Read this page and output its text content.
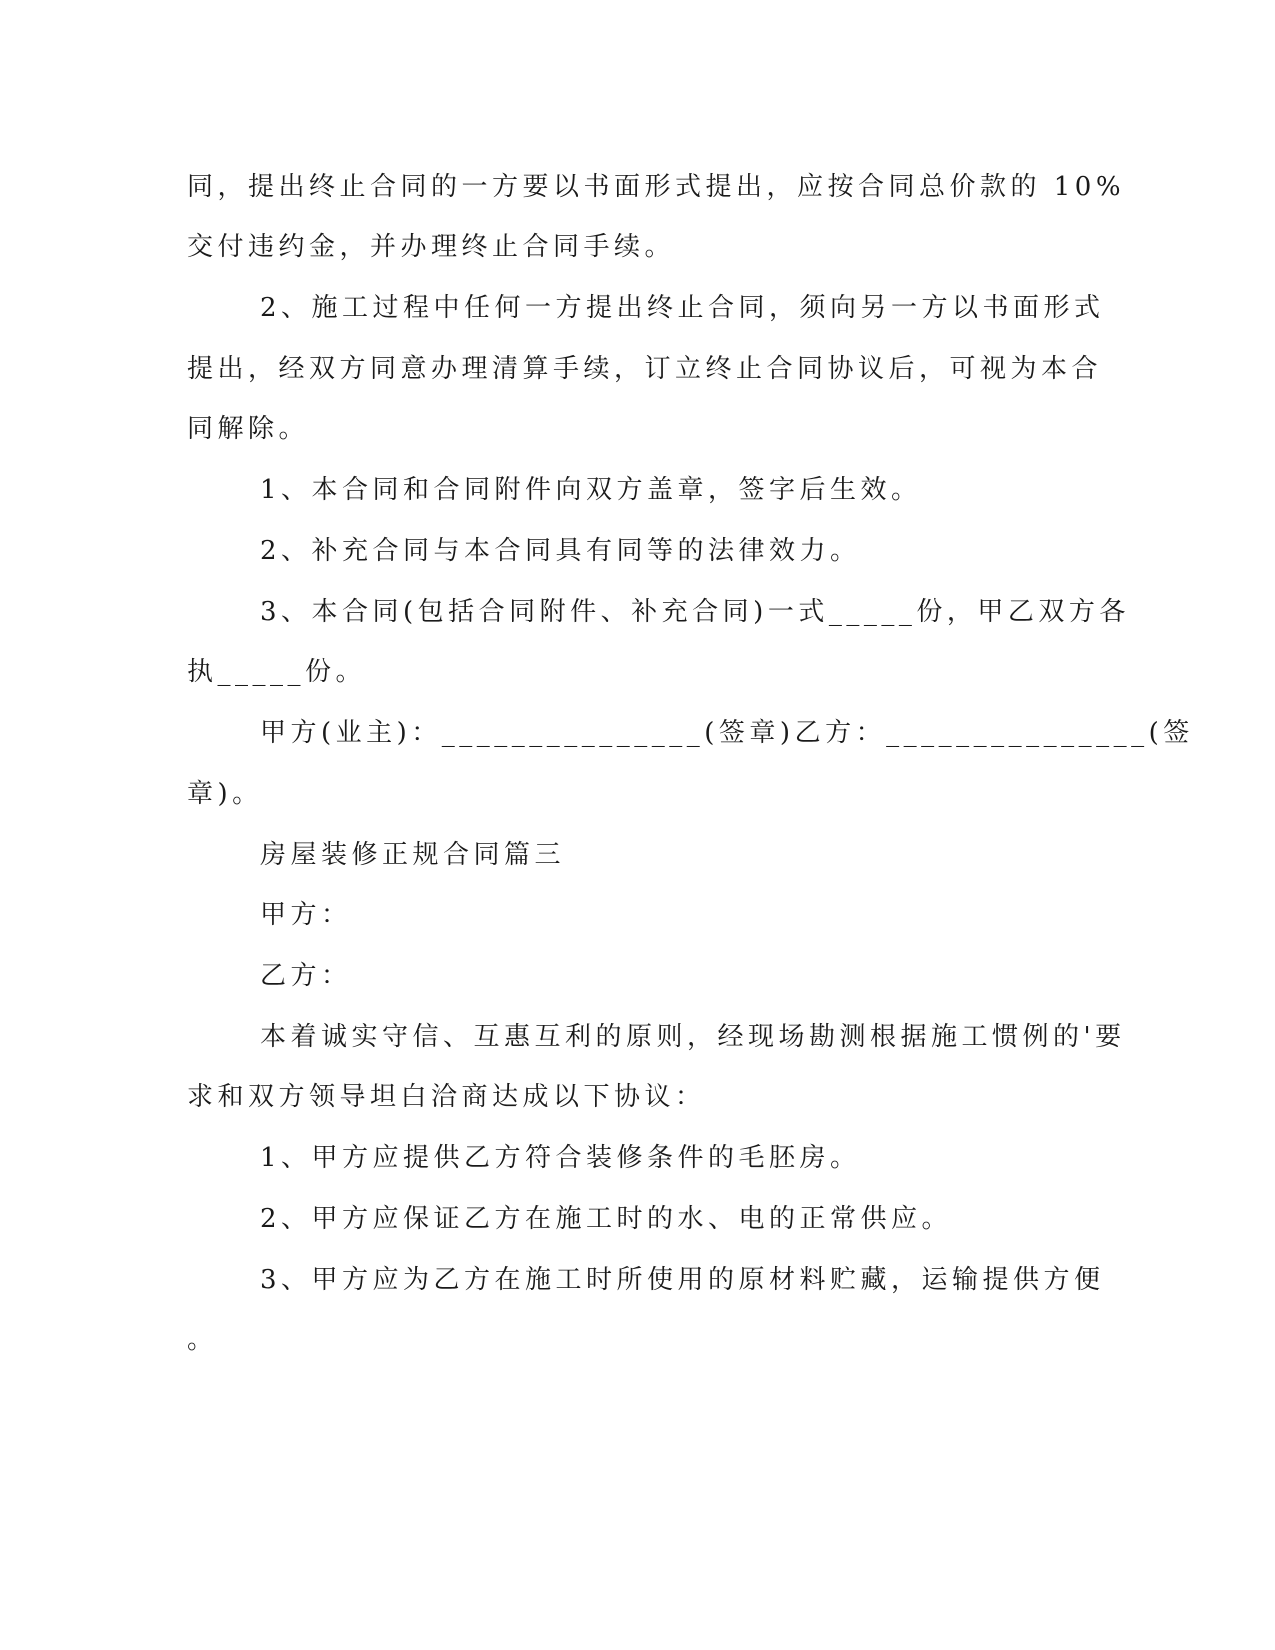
同，提出终止合同的一方要以书面形式提出，应按合同总价款的 10%
交付违约金，并办理终止合同手续。
2、施工过程中任何一方提出终止合同，须向另一方以书面形式
提出，经双方同意办理清算手续，订立终止合同协议后，可视为本合
同解除。
1、本合同和合同附件向双方盖章，签字后生效。
2、补充合同与本合同具有同等的法律效力。
3、本合同(包括合同附件、补充合同)一式_____份，甲乙双方各
执_____份。
甲方(业主)：_______________(签章)乙方：_______________(签
章)。
房屋装修正规合同篇三
甲方：
乙方：
本着诚实守信、互惠互利的原则，经现场勘测根据施工惯例的'要
求和双方领导坦白洽商达成以下协议：
1、甲方应提供乙方符合装修条件的毛胚房。
2、甲方应保证乙方在施工时的水、电的正常供应。
3、甲方应为乙方在施工时所使用的原材料贮藏，运输提供方便
。
